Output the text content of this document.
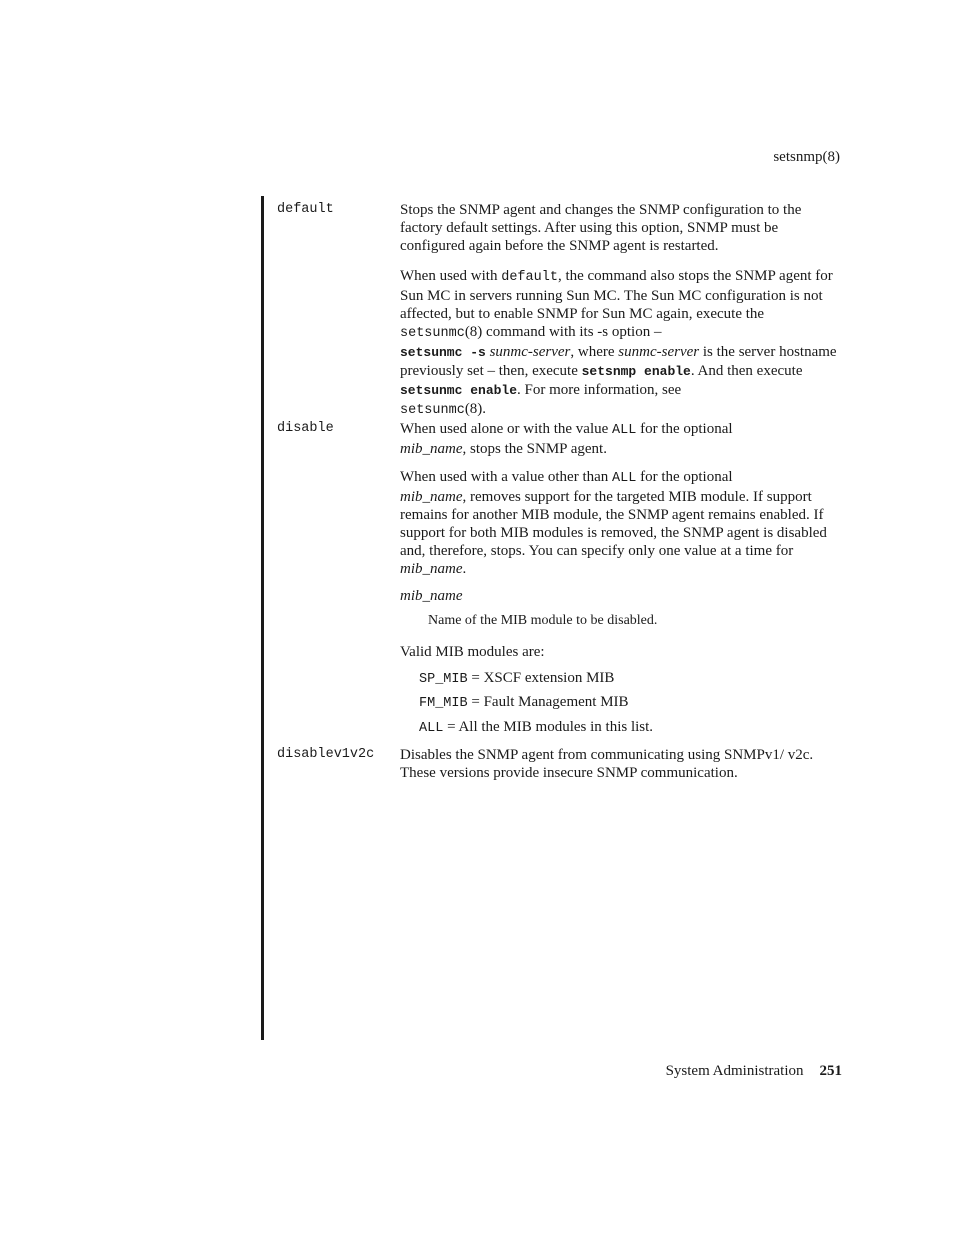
setsnmp(8)
default	Stops the SNMP agent and changes the SNMP configuration to the factory default settings. After using this option, SNMP must be configured again before the SNMP agent is restarted.

When used with default, the command also stops the SNMP agent for Sun MC in servers running Sun MC. The Sun MC configuration is not affected, but to enable SNMP for Sun MC again, execute the setsunmc(8) command with its -s option –
setsunmc -s sunmc-server, where sunmc-server is the server hostname previously set – then, execute setsnmp enable. And then execute setsunmc enable. For more information, see
setsunmc(8).

disable	When used alone or with the value ALL for the optional
mib_name, stops the SNMP agent.

When used with a value other than ALL for the optional
mib_name, removes support for the targeted MIB module. If support remains for another MIB module, the SNMP agent remains enabled. If support for both MIB modules is removed, the SNMP agent is disabled and, therefore, stops. You can specify only one value at a time for mib_name.

mib_name
Name of the MIB module to be disabled.
Valid MIB modules are:
SP_MIB = XSCF extension MIB
FM_MIB = Fault Management MIB
ALL = All the MIB modules in this list.
disablev1v2c Disables the SNMP agent from communicating using SNMPv1/ v2c. These versions provide insecure SNMP communication.

System Administration 251
